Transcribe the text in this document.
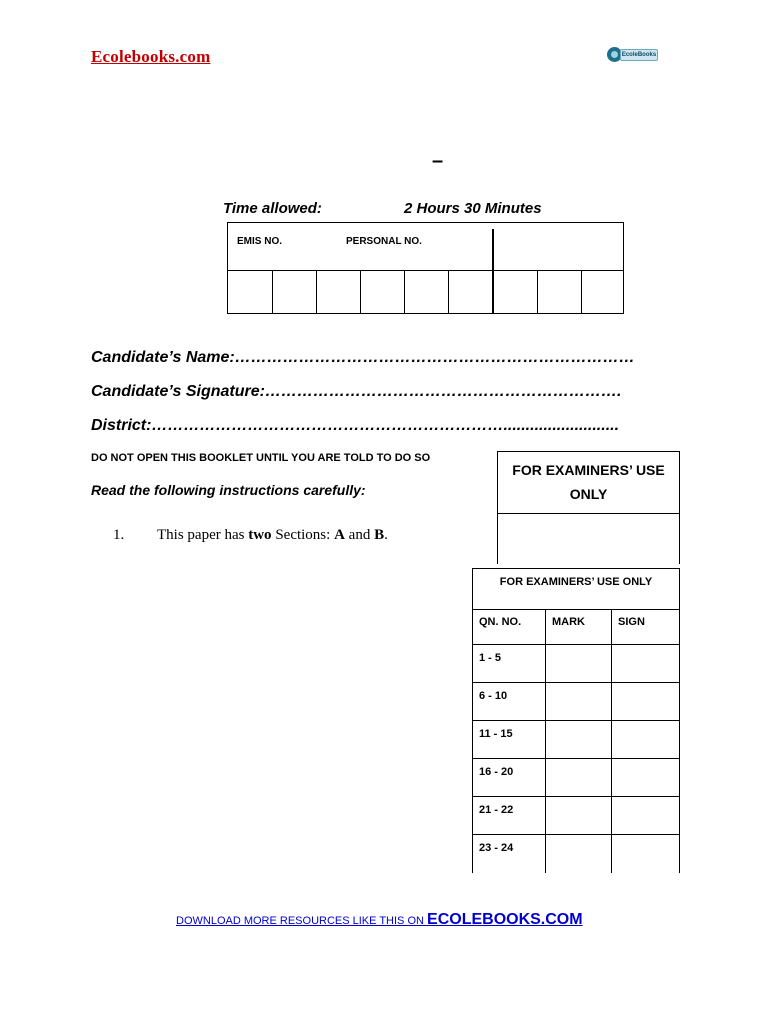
Ecolebooks.com	EcoleBooks
–
Time allowed:	2 Hours 30 Minutes
EMIS NO.	PERSONAL NO.
Candidate’s Name:…………………………………………………………………
Candidate’s Signature:………………………………………………………….
District:…………………………………………………………..........................
DO NOT OPEN THIS BOOKLET UNTIL YOU ARE TOLD TO DO SO
Read the following instructions carefully:
1. This paper has two Sections: A and B.
FOR EXAMINERS’ USE ONLY
FOR EXAMINERS’ USE ONLY		
QN. NO.	MARK	SIGN
1 - 5		
6 - 10		
11 - 15		
16 - 20		
21 - 22		
23 - 24		
DOWNLOAD MORE RESOURCES LIKE THIS ON ECOLEBOOKS.COM
